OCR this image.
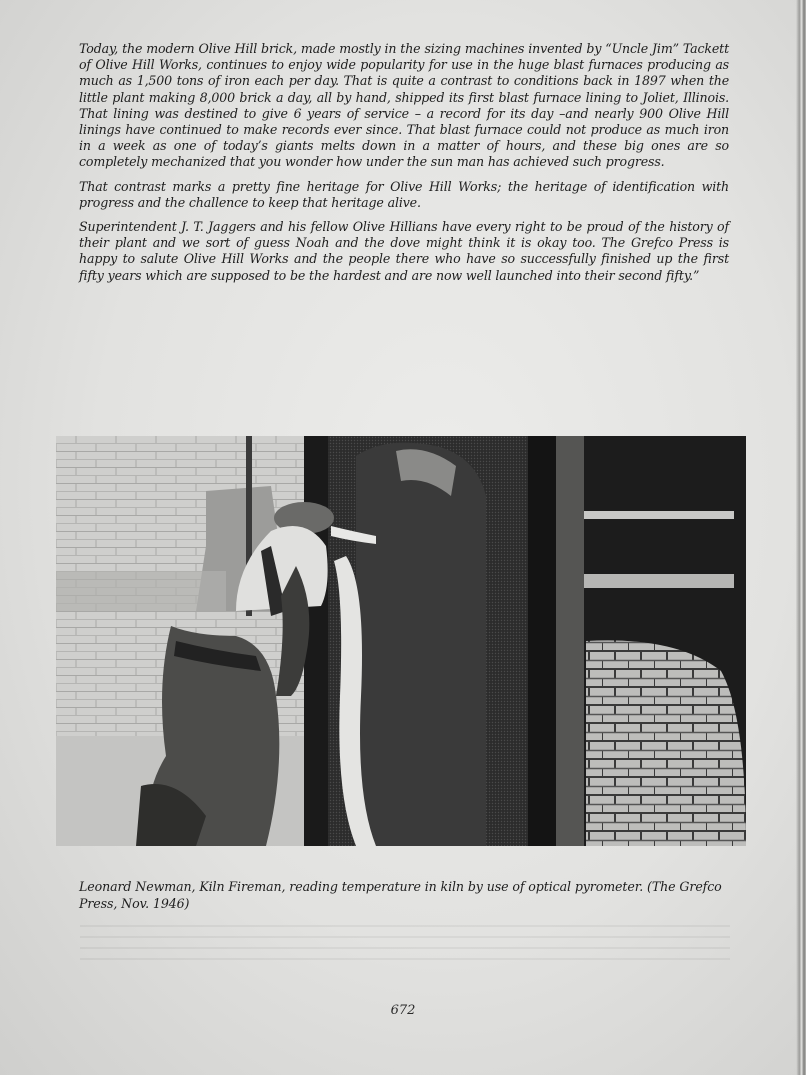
Today, the modern Olive Hill brick, made mostly in the sizing machines invented by “Uncle Jim” Tackett of Olive Hill Works, continues to enjoy wide popularity for use in the huge blast furnaces producing as much as 1,500 tons of iron each per day. That is quite a contrast to conditions back in 1897 when the little plant making 8,000 brick a day, all by hand, shipped its first blast furnace lining to Joliet, Illinois. That lining was destined to give 6 years of service – a record for its day –and nearly 900 Olive Hill linings have continued to make records ever since. That blast furnace could not produce as much iron in a week as one of today’s giants melts down in a matter of hours, and these big ones are so completely mechanized that you wonder how under the sun man has achieved such progress.

That contrast marks a pretty fine heritage for Olive Hill Works; the heritage of identification with progress and the challence to keep that heritage alive.

Superintendent J. T. Jaggers and his fellow Olive Hillians have every right to be proud of the history of their plant and we sort of guess Noah and the dove might think it is okay too. The Grefco Press is happy to salute Olive Hill Works and the people there who have so successfully finished up the first fifty years which are supposed to be the hardest and are now well launched into their second fifty.”

Leonard Newman, Kiln Fireman, reading temperature in kiln by use of optical pyrometer. (The Grefco Press, Nov. 1946)
672
